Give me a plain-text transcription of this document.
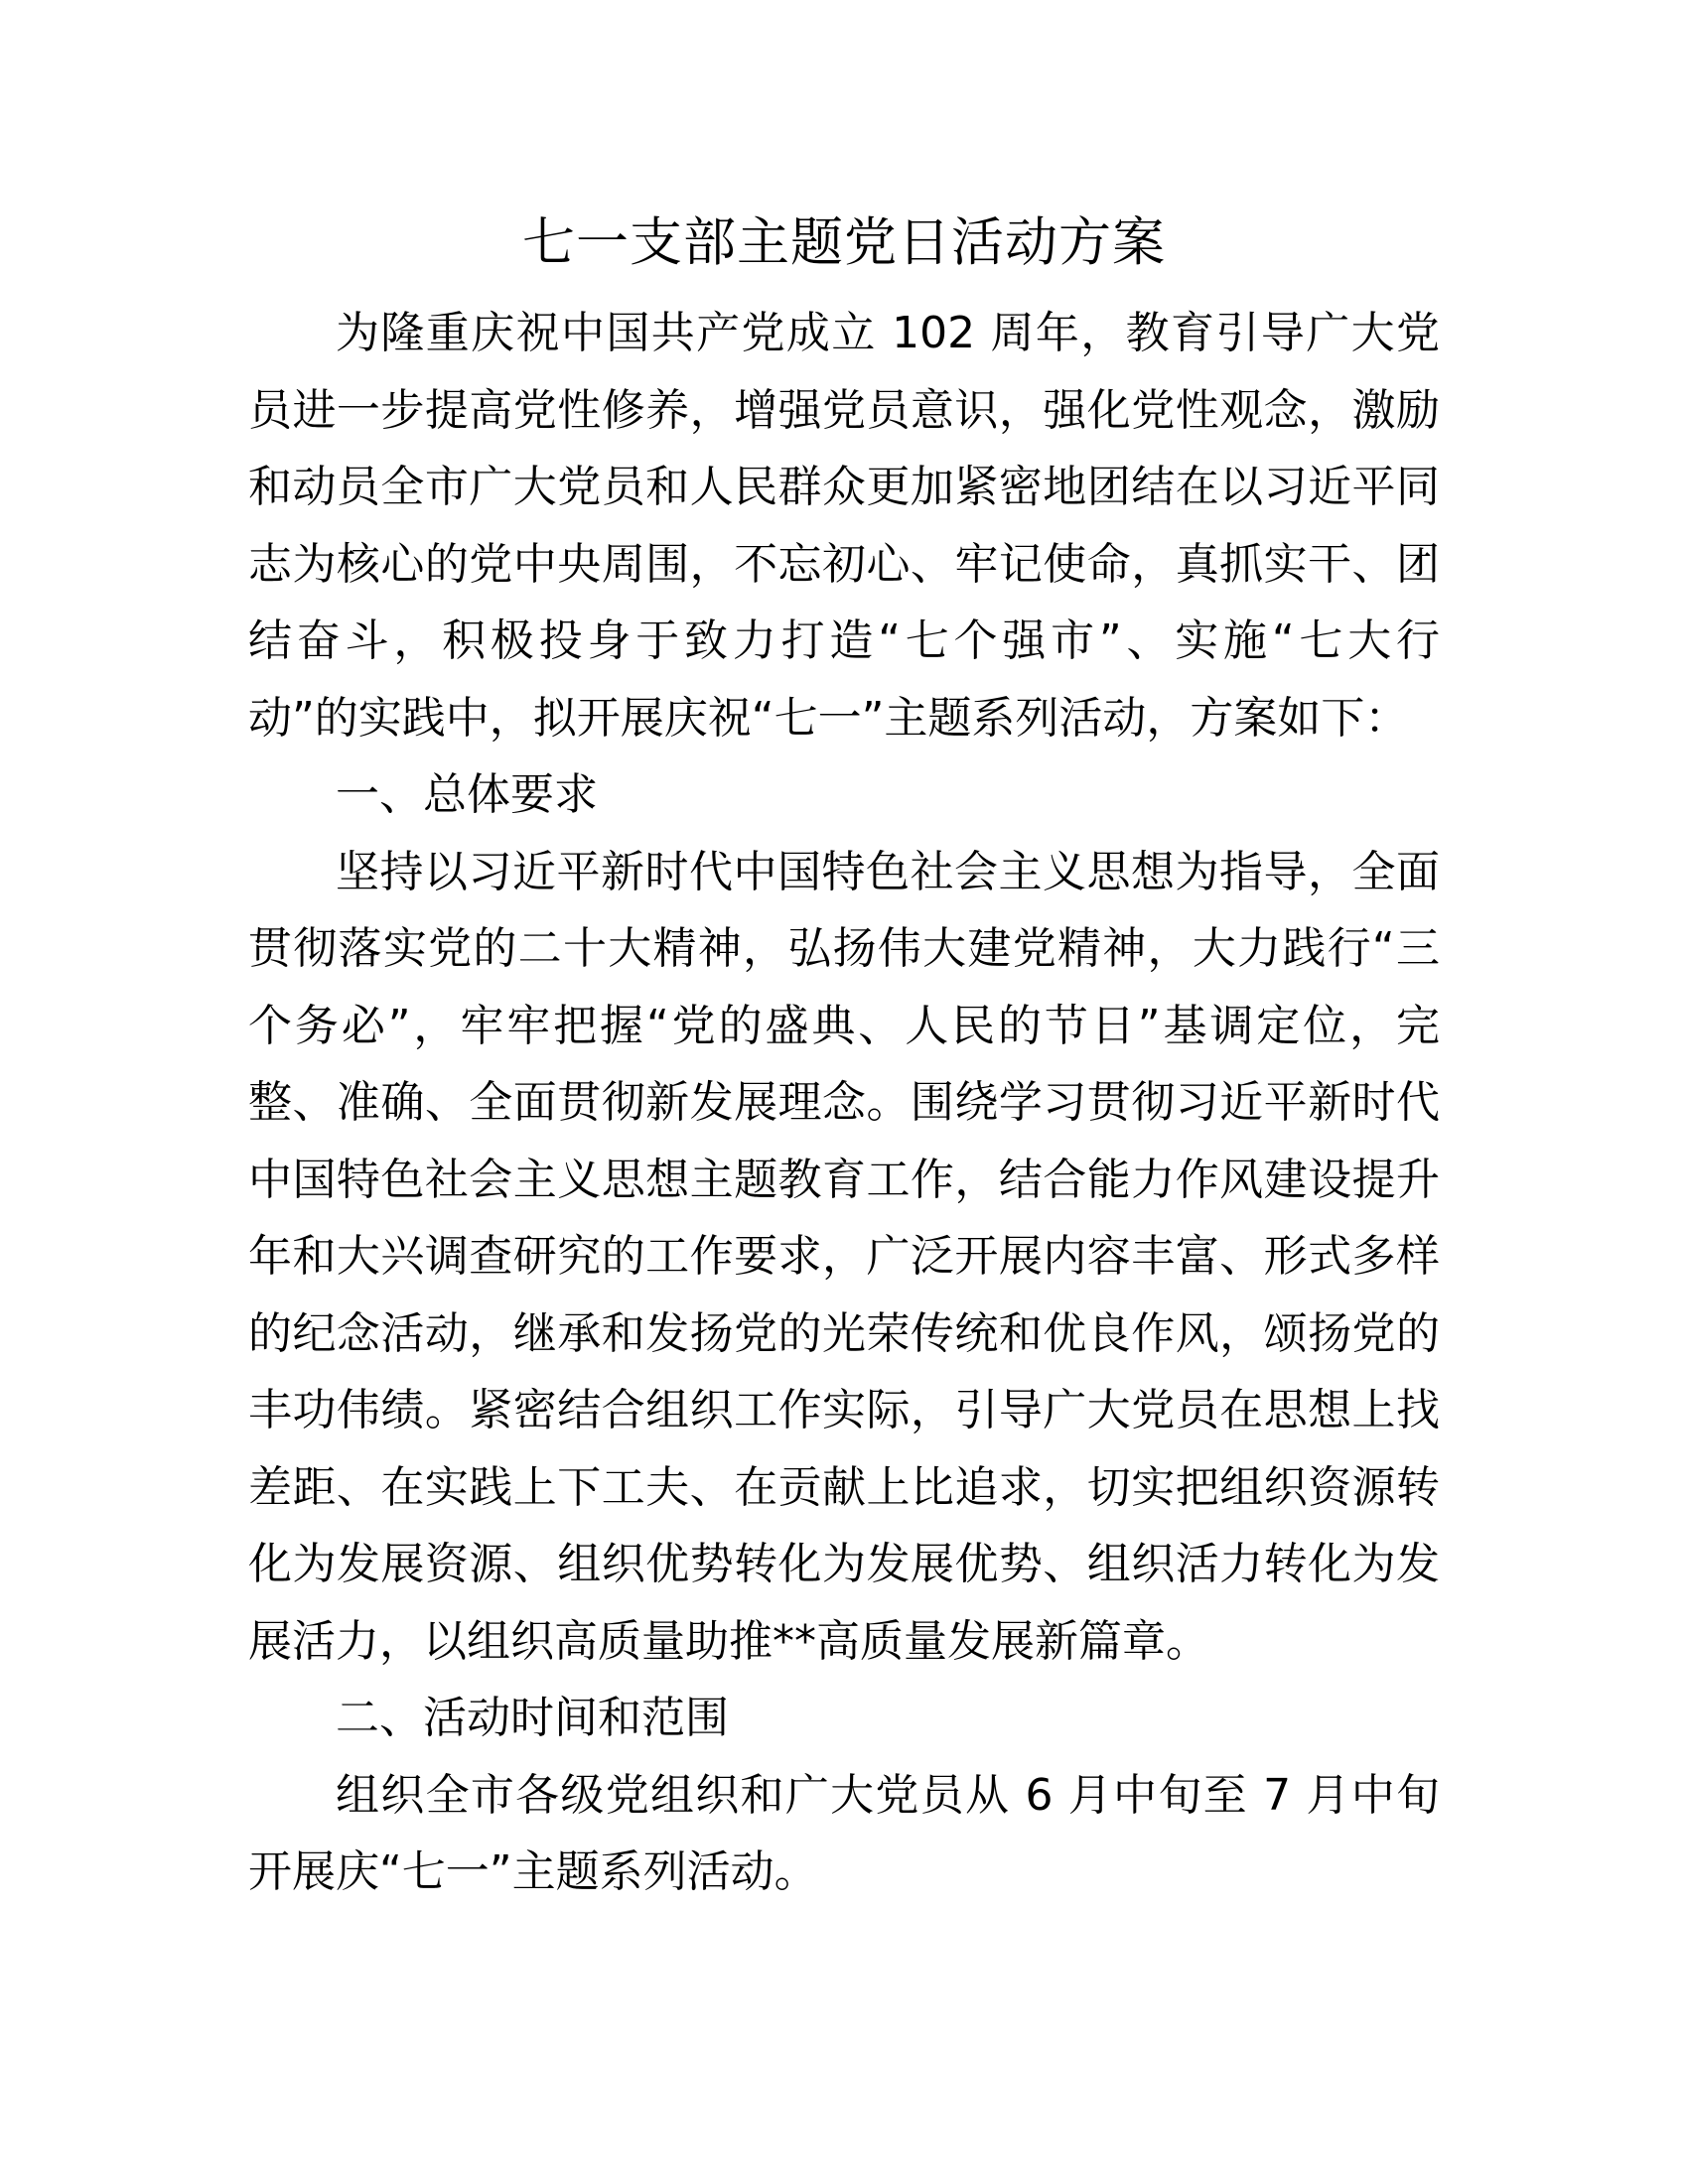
七一支部主题党日活动方案
为隆重庆祝中国共产党成立 102 周年，教育引导广大党
员进一步提高党性修养，增强党员意识，强化党性观念，激励
和动员全市广大党员和人民群众更加紧密地团结在以习近平同
志为核心的党中央周围，不忘初心、牢记使命，真抓实干、团
结奋斗，积极投身于致力打造“七个强市”、实施“七大行
动”的实践中，拟开展庆祝“七一”主题系列活动，方案如下：
一、总体要求
坚持以习近平新时代中国特色社会主义思想为指导，全面
贯彻落实党的二十大精神，弘扬伟大建党精神，大力践行“三
个务必”，牢牢把握“党的盛典、人民的节日”基调定位，完
整、准确、全面贯彻新发展理念。围绕学习贯彻习近平新时代
中国特色社会主义思想主题教育工作，结合能力作风建设提升
年和大兴调查研究的工作要求，广泛开展内容丰富、形式多样
的纪念活动，继承和发扬党的光荣传统和优良作风，颂扬党的
丰功伟绩。紧密结合组织工作实际，引导广大党员在思想上找
差距、在实践上下工夫、在贡献上比追求，切实把组织资源转
化为发展资源、组织优势转化为发展优势、组织活力转化为发
展活力，以组织高质量助推**高质量发展新篇章。
二、活动时间和范围
组织全市各级党组织和广大党员从 6 月中旬至 7 月中旬
开展庆“七一”主题系列活动。
